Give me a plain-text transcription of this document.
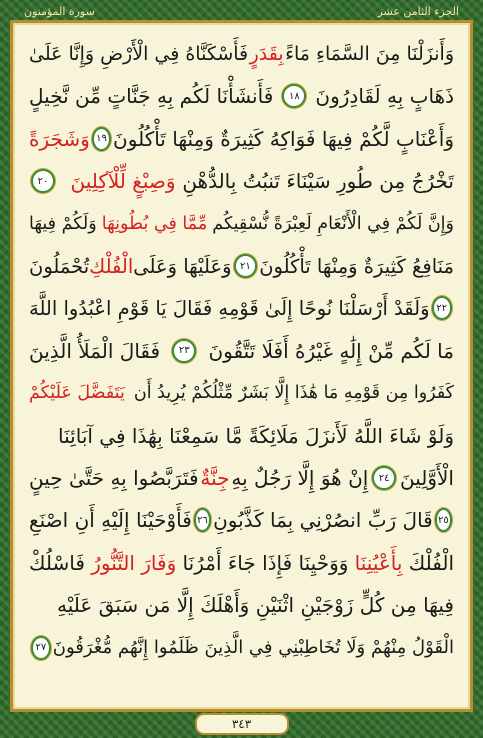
الجزء الثامن عشر
سورة المؤمنون
وَأَنزَلْنَا مِنَ السَّمَاءِ مَاءً
بِقَدَرٍ
فَأَسْكَنَّاهُ فِي الْأَرْضِ وَإِنَّا عَلَىٰ
ذَهَابٍ بِهِ لَقَادِرُونَ
١٨
فَأَنشَأْنَا لَكُم بِهِ جَنَّاتٍ مِّن نَّخِيلٍ
وَأَعْنَابٍ لَّكُمْ فِيهَا فَوَاكِهُ كَثِيرَةٌ وَمِنْهَا تَأْكُلُونَ
١٩
وَشَجَرَةً
تَخْرُجُ مِن طُورِ سَيْنَاءَ تَنبُتُ بِالدُّهْنِ
وَصِبْغٍ لِّلْآكِلِينَ
٢٠
وَإِنَّ لَكُمْ فِي الْأَنْعَامِ لَعِبْرَةً نُّسْقِيكُم
مِّمَّا فِي بُطُونِهَا
وَلَكُمْ فِيهَا
مَنَافِعُ كَثِيرَةٌ وَمِنْهَا تَأْكُلُونَ
٢١
وَعَلَيْهَا وَعَلَى
الْفُلْكِ
تُحْمَلُونَ
٢٢
وَلَقَدْ أَرْسَلْنَا نُوحًا إِلَىٰ قَوْمِهِ فَقَالَ يَا قَوْمِ اعْبُدُوا اللَّهَ
مَا لَكُم مِّنْ إِلَٰهٍ غَيْرُهُ أَفَلَا تَتَّقُونَ
٢٣
فَقَالَ الْمَلَأُ الَّذِينَ
كَفَرُوا مِن قَوْمِهِ مَا هَٰذَا إِلَّا بَشَرٌ مِّثْلُكُمْ يُرِيدُ أَن
يَتَفَضَّلَ عَلَيْكُمْ
وَلَوْ شَاءَ اللَّهُ لَأَنزَلَ مَلَائِكَةً مَّا سَمِعْنَا بِهَٰذَا فِي آبَائِنَا
الْأَوَّلِينَ
٢٤
إِنْ هُوَ إِلَّا رَجُلٌ بِهِ
جِنَّةٌ
فَتَرَبَّصُوا بِهِ حَتَّىٰ حِينٍ
٢٥
قَالَ رَبِّ انصُرْنِي بِمَا كَذَّبُونِ
٢٦
فَأَوْحَيْنَا إِلَيْهِ أَنِ اصْنَعِ
الْفُلْكَ
بِأَعْيُنِنَا
وَوَحْيِنَا فَإِذَا جَاءَ أَمْرُنَا
وَفَارَ التَّنُّورُ
فَاسْلُكْ
فِيهَا مِن كُلٍّ زَوْجَيْنِ اثْنَيْنِ وَأَهْلَكَ إِلَّا مَن سَبَقَ عَلَيْهِ
الْقَوْلُ مِنْهُمْ وَلَا تُخَاطِبْنِي فِي الَّذِينَ ظَلَمُوا إِنَّهُم مُّغْرَقُونَ
٢٧
٣٤٣
